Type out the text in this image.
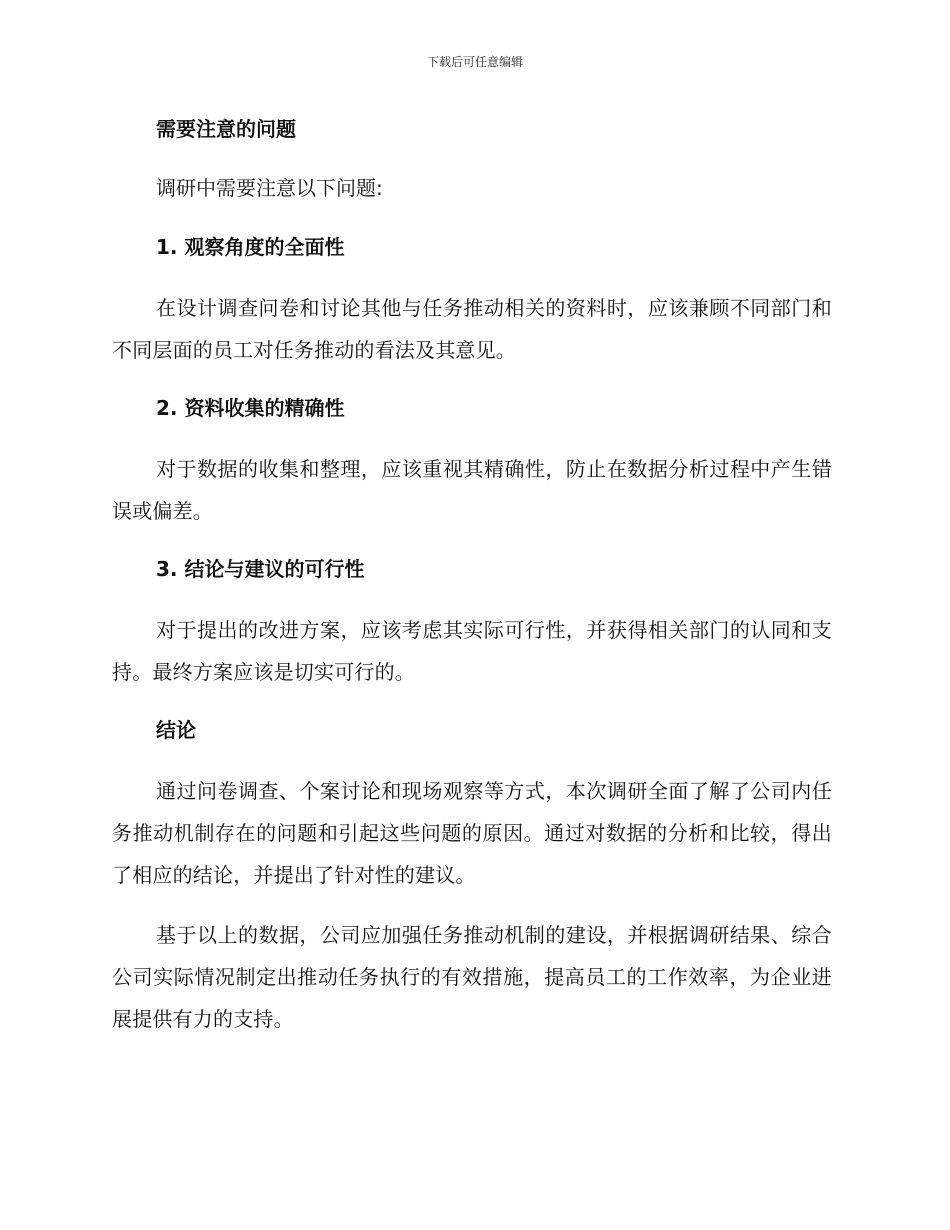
下载后可任意编辑
需要注意的问题

调研中需要注意以下问题:

1. 观察角度的全面性

在设计调查问卷和讨论其他与任务推动相关的资料时，应该兼顾不同部门和不同层面的员工对任务推动的看法及其意见。

2. 资料收集的精确性

对于数据的收集和整理，应该重视其精确性，防止在数据分析过程中产生错误或偏差。

3. 结论与建议的可行性

对于提出的改进方案，应该考虑其实际可行性，并获得相关部门的认同和支持。最终方案应该是切实可行的。

结论

通过问卷调查、个案讨论和现场观察等方式，本次调研全面了解了公司内任务推动机制存在的问题和引起这些问题的原因。通过对数据的分析和比较，得出了相应的结论，并提出了针对性的建议。

基于以上的数据，公司应加强任务推动机制的建设，并根据调研结果、综合公司实际情况制定出推动任务执行的有效措施，提高员工的工作效率，为企业进展提供有力的支持。
